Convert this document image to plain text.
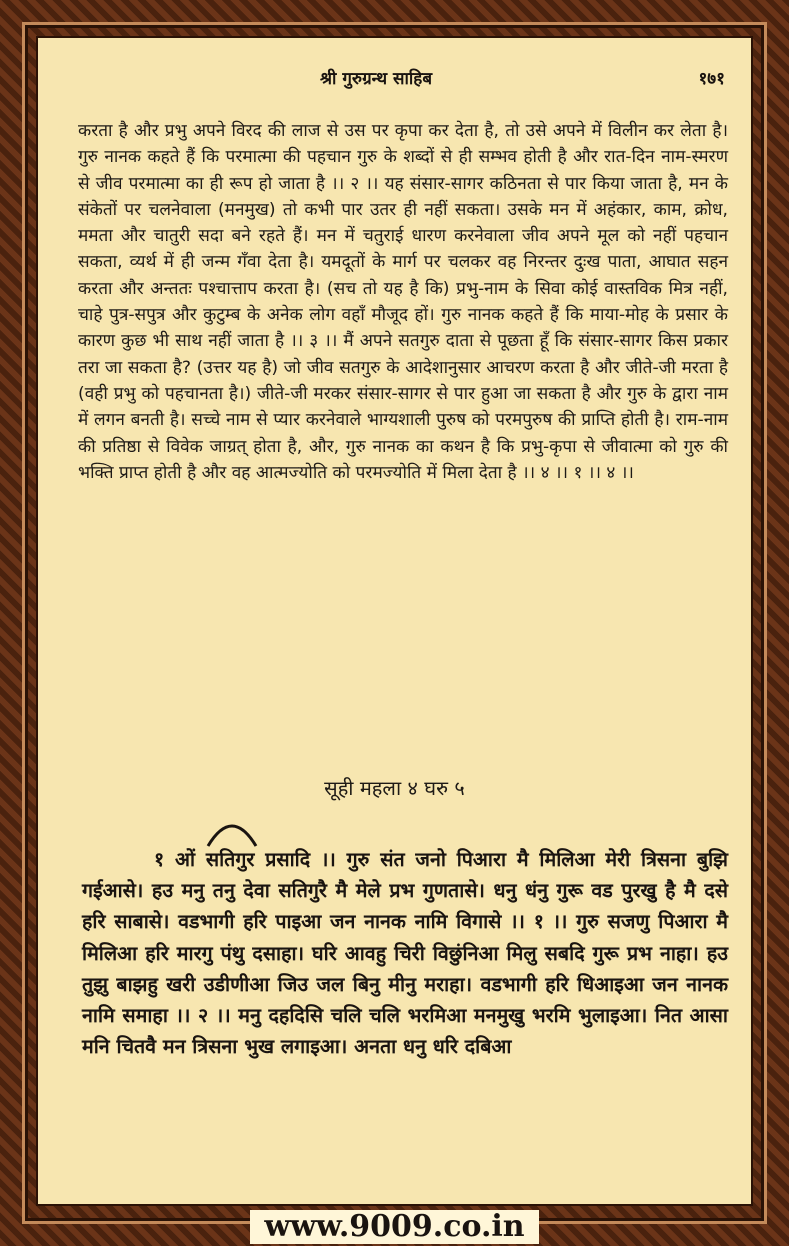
श्री गुरुग्रन्थ साहिब	१७१

करता है और प्रभु अपने विरद की लाज से उस पर कृपा कर देता है, तो उसे अपने में विलीन कर लेता है। गुरु नानक कहते हैं कि परमात्मा की पहचान गुरु के शब्दों से ही सम्भव होती है और रात-दिन नाम-स्मरण से जीव परमात्मा का ही रूप हो जाता है ।। २ ।। यह संसार-सागर कठिनता से पार किया जाता है, मन के संकेतों पर चलनेवाला (मनमुख) तो कभी पार उतर ही नहीं सकता। उसके मन में अहंकार, काम, क्रोध, ममता और चातुरी सदा बने रहते हैं। मन में चतुराई धारण करनेवाला जीव अपने मूल को नहीं पहचान सकता, व्यर्थ में ही जन्म गँवा देता है। यमदूतों के मार्ग पर चलकर वह निरन्तर दुःख पाता, आघात सहन करता और अन्ततः पश्चात्ताप करता है। (सच तो यह है कि) प्रभु-नाम के सिवा कोई वास्तविक मित्र नहीं, चाहे पुत्र-सपुत्र और कुटुम्ब के अनेक लोग वहाँ मौजूद हों। गुरु नानक कहते हैं कि माया-मोह के प्रसार के कारण कुछ भी साथ नहीं जाता है ।। ३ ।। मैं अपने सतगुरु दाता से पूछता हूँ कि संसार-सागर किस प्रकार तरा जा सकता है? (उत्तर यह है) जो जीव सतगुरु के आदेशानुसार आचरण करता है और जीते-जी मरता है (वही प्रभु को पहचानता है।) जीते-जी मरकर संसार-सागर से पार हुआ जा सकता है और गुरु के द्वारा नाम में लगन बनती है। सच्चे नाम से प्यार करनेवाले भाग्यशाली पुरुष को परमपुरुष की प्राप्ति होती है। राम-नाम की प्रतिष्ठा से विवेक जाग्रत् होता है, और, गुरु नानक का कथन है कि प्रभु-कृपा से जीवात्मा को गुरु की भक्ति प्राप्त होती है और वह आत्मज्योति को परमज्योति में मिला देता है ।। ४ ।। १ ।। ४ ।।

सूही महला ४ घरु ५

१ ओं सतिगुर प्रसादि ।। गुरु संत जनो पिआरा मै मिलिआ मेरी त्रिसना बुझि गईआसे। हउ मनु तनु देवा सतिगुरै मै मेले प्रभ गुणतासे। धनु धंनु गुरू वड पुरखु है मै दसे हरि साबासे। वडभागी हरि पाइआ जन नानक नामि विगासे ।। १ ।। गुरु सजणु पिआरा मै मिलिआ हरि मारगु पंथु दसाहा। घरि आवहु चिरी विछुंनिआ मिलु सबदि गुरू प्रभ नाहा। हउ तुझु बाझहु खरी उडीणीआ जिउ जल बिनु मीनु मराहा। वडभागी हरि धिआइआ जन नानक नामि समाहा ।। २ ।। मनु दहदिसि चलि चलि भरमिआ मनमुखु भरमि भुलाइआ। नित आसा मनि चितवै मन त्रिसना भुख लगाइआ। अनता धनु धरि दबिआ

www.9009.co.in
